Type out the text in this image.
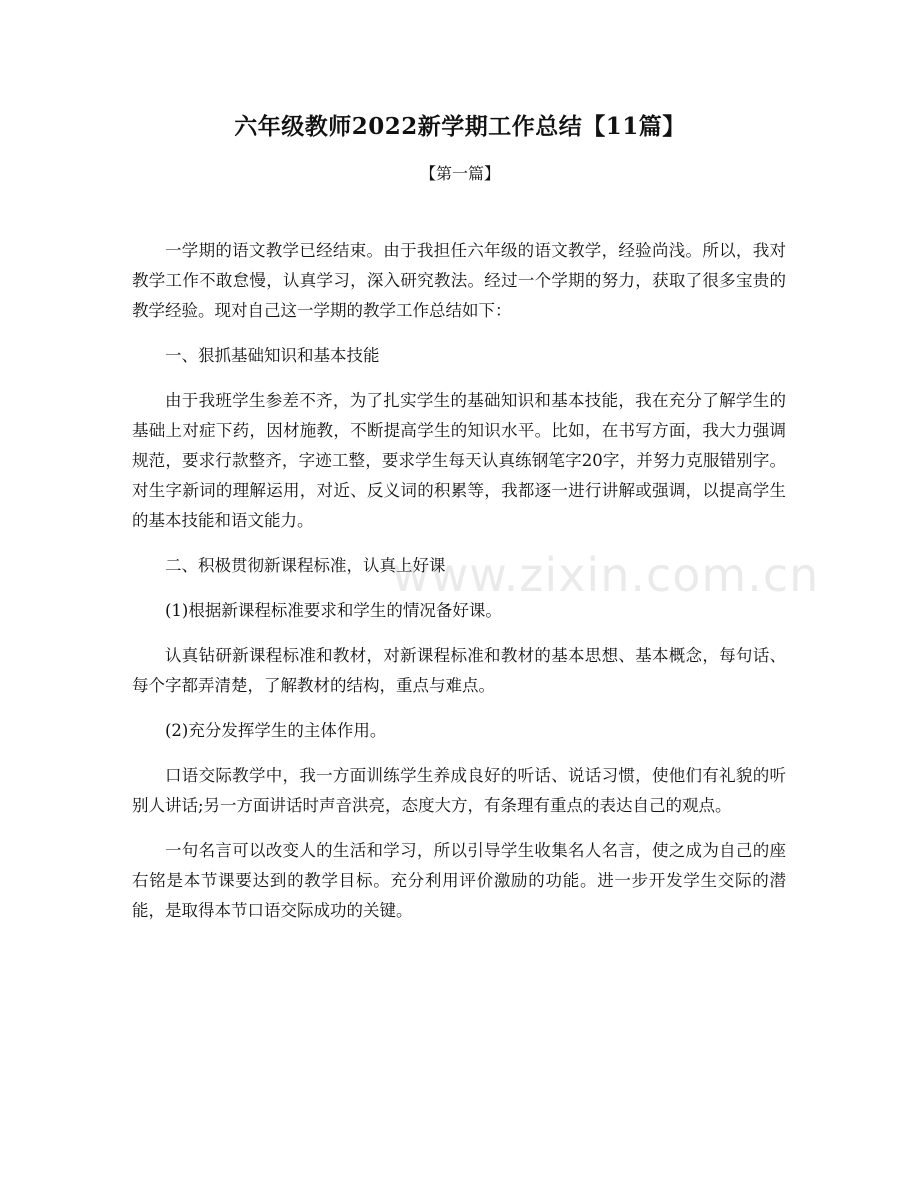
六年级教师2022新学期工作总结【11篇】
【第一篇】

一学期的语文教学已经结束。由于我担任六年级的语文教学，经验尚浅。所以，我对教学工作不敢怠慢，认真学习，深入研究教法。经过一个学期的努力，获取了很多宝贵的教学经验。现对自己这一学期的教学工作总结如下：

一、狠抓基础知识和基本技能

由于我班学生参差不齐，为了扎实学生的基础知识和基本技能，我在充分了解学生的基础上对症下药，因材施教，不断提高学生的知识水平。比如，在书写方面，我大力强调规范，要求行款整齐，字迹工整，要求学生每天认真练钢笔字20字，并努力克服错别字。对生字新词的理解运用，对近、反义词的积累等，我都逐一进行讲解或强调，以提高学生的基本技能和语文能力。

二、积极贯彻新课程标准，认真上好课

(1)根据新课程标准要求和学生的情况备好课。

认真钻研新课程标准和教材，对新课程标准和教材的基本思想、基本概念，每句话、每个字都弄清楚，了解教材的结构，重点与难点。

(2)充分发挥学生的主体作用。

口语交际教学中，我一方面训练学生养成良好的听话、说话习惯，使他们有礼貌的听别人讲话;另一方面讲话时声音洪亮，态度大方，有条理有重点的表达自己的观点。

一句名言可以改变人的生活和学习，所以引导学生收集名人名言，使之成为自己的座右铭是本节课要达到的教学目标。充分利用评价激励的功能。进一步开发学生交际的潜能，是取得本节口语交际成功的关键。

www.zixin.com.cn
